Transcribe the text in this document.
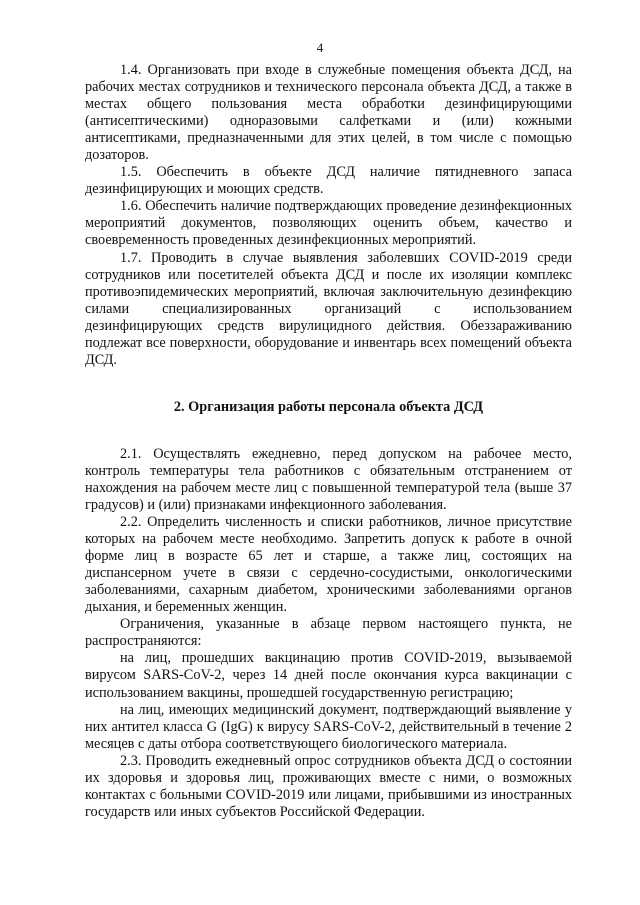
4

1.4. Организовать при входе в служебные помещения объекта ДСД, на рабочих местах сотрудников и технического персонала объекта ДСД, а также в местах общего пользования места обработки дезинфицирующими (антисептическими) одноразовыми салфетками и (или) кожными антисептиками, предназначенными для этих целей, в том числе с помощью дозаторов.

1.5. Обеспечить в объекте ДСД наличие пятидневного запаса дезинфицирующих и моющих средств.

1.6. Обеспечить наличие подтверждающих проведение дезинфекционных мероприятий документов, позволяющих оценить объем, качество и своевременность проведенных дезинфекционных мероприятий.

1.7. Проводить в случае выявления заболевших COVID-2019 среди сотрудников или посетителей объекта ДСД и после их изоляции комплекс противоэпидемических мероприятий, включая заключительную дезинфекцию силами специализированных организаций с использованием дезинфицирующих средств вирулицидного действия. Обеззараживанию подлежат все поверхности, оборудование и инвентарь всех помещений объекта ДСД.

2. Организация работы персонала объекта ДСД

2.1. Осуществлять ежедневно, перед допуском на рабочее место, контроль температуры тела работников с обязательным отстранением от нахождения на рабочем месте лиц с повышенной температурой тела (выше 37 градусов) и (или) признаками инфекционного заболевания.

2.2. Определить численность и списки работников, личное присутствие которых на рабочем месте необходимо. Запретить допуск к работе в очной форме лиц в возрасте 65 лет и старше, а также лиц, состоящих на диспансерном учете в связи с сердечно-сосудистыми, онкологическими заболеваниями, сахарным диабетом, хроническими заболеваниями органов дыхания, и беременных женщин.

Ограничения, указанные в абзаце первом настоящего пункта, не распространяются:

на лиц, прошедших вакцинацию против COVID-2019, вызываемой вирусом SARS-CoV-2, через 14 дней после окончания курса вакцинации с использованием вакцины, прошедшей государственную регистрацию;

на лиц, имеющих медицинский документ, подтверждающий выявление у них антител класса G (IgG) к вирусу SARS-CoV-2, действительный в течение 2 месяцев с даты отбора соответствующего биологического материала.

2.3. Проводить ежедневный опрос сотрудников объекта ДСД о состоянии их здоровья и здоровья лиц, проживающих вместе с ними, о возможных контактах с больными COVID-2019 или лицами, прибывшими из иностранных государств или иных субъектов Российской Федерации.
